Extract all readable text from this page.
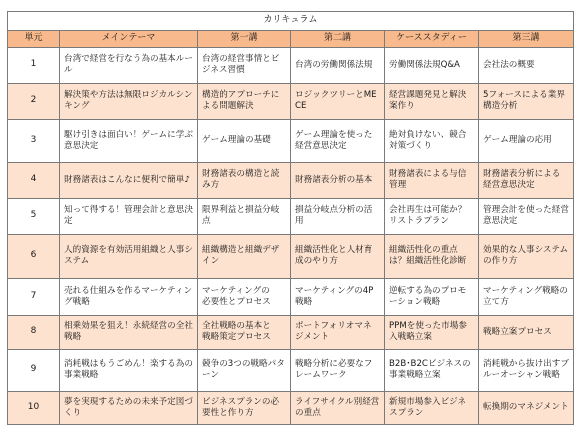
カリキュラム					
単元	メインテーマ	第一講	第二講	ケーススタディー	第三講
1	台湾で経営を行なう為の基本ルール	台湾の経営事情とビジネス習慣	台湾の労働関係法規	労働関係法規Q&A	会社法の概要
2	解決策や方法は無限ロジカルシンキング	構造的アプローチによる問題解決	ロジックツリーとMECE	経営課題発見と解決案作り	5フォースによる業界構造分析
3	駆け引きは面白い！ゲームに学ぶ意思決定	ゲーム理論の基礎	ゲーム理論を使った　経営意思決定	絶対負けない、競合対策づくり	ゲーム理論の応用
4	財務諸表はこんなに便利で簡単♪	財務諸表の構造と読み方	財務諸表分析の基本	財務諸表による与信管理	財務諸表分析による　経営意思決定
5	知って得する！管理会計と意思決定	限界利益と損益分岐点	損益分岐点分析の活用	会社再生は可能か？リストラプラン	管理会計を使った経営意思決定
6	人的資源を有効活用組織と人事システム	組織構造と組織デザイン	組織活性化と人材育成のやり方	組織活性化の重点は？組織活性化診断	効果的な人事システムの作り方
7	売れる仕組みを作るマーケティング戦略	マーケティングの　必要性とプロセス	マーケティングの4P戦略	逆転する為のプロモーション戦略	マーケティング戦略の立て方
8	相乗効果を狙え！永続経営の全社戦略	全社戦略の基本と　戦略策定プロセス	ポートフォリオマネジメント	PPMを使った市場参入戦略立案	戦略立案プロセス
9	消耗戦はもうごめん！楽する為の事業戦略	競争の3つの戦略パターン	戦略分析に必要なフレームワーク	B2B･B2Cビジネスの事業戦略立案	消耗戦から抜け出すブルーオーシャン戦略
10	夢を実現するための未来予定図づくり	ビジネスプランの必要性と作り方	ライフサイクル別経営の重点	新規市場参入ビジネスプラン	転換期のマネジメント
